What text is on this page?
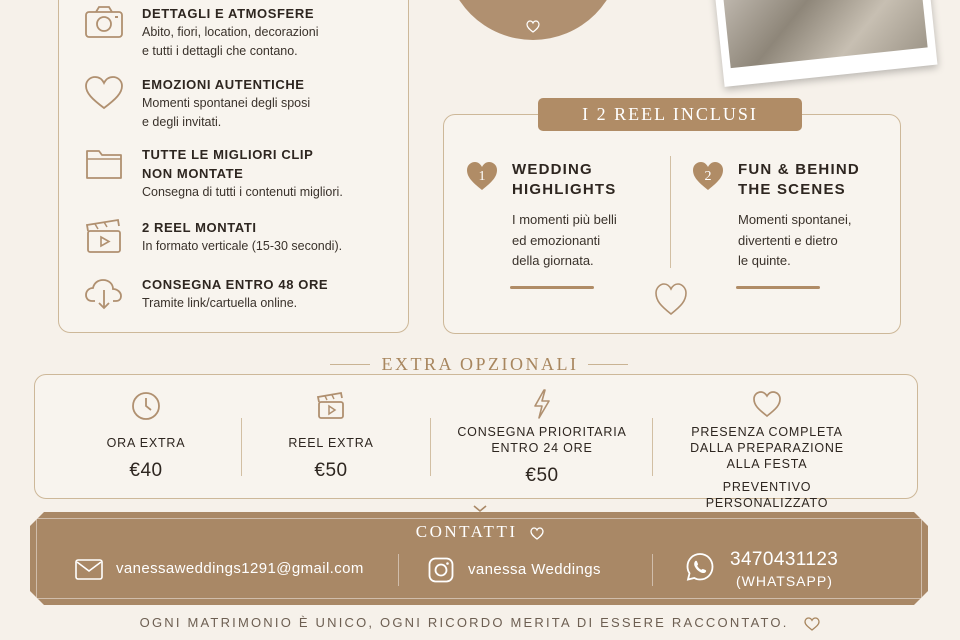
DETTAGLI E ATMOSFERE
Abito, fiori, location, decorazioni
e tutti i dettagli che contano.
EMOZIONI AUTENTICHE
Momenti spontanei degli sposi
e degli invitati.
TUTTE LE MIGLIORI CLIP
NON MONTATE
Consegna di tutti i contenuti migliori.
2 REEL MONTATI
In formato verticale (15-30 secondi).
CONSEGNA ENTRO 48 ORE
Tramite link/cartuella online.
I 2 REEL INCLUSI
1 WEDDING
HIGHLIGHTS
I momenti più belli
ed emozionanti
della giornata.
2 FUN & BEHIND
THE SCENES
Momenti spontanei,
divertenti e dietro
le quinte.
EXTRA OPZIONALI
ORA EXTRA
€40
REEL EXTRA
€50
CONSEGNA PRIORITARIA
ENTRO 24 ORE
€50
PRESENZA COMPLETA
DALLA PREPARAZIONE
ALLA FESTA
PREVENTIVO PERSONALIZZATO
CONTATTI
vanessaweddings1291@gmail.com	vanessa Weddings	3470431123
(WHATSAPP)
OGNI MATRIMONIO È UNICO, OGNI RICORDO MERITA DI ESSERE RACCONTATO.
